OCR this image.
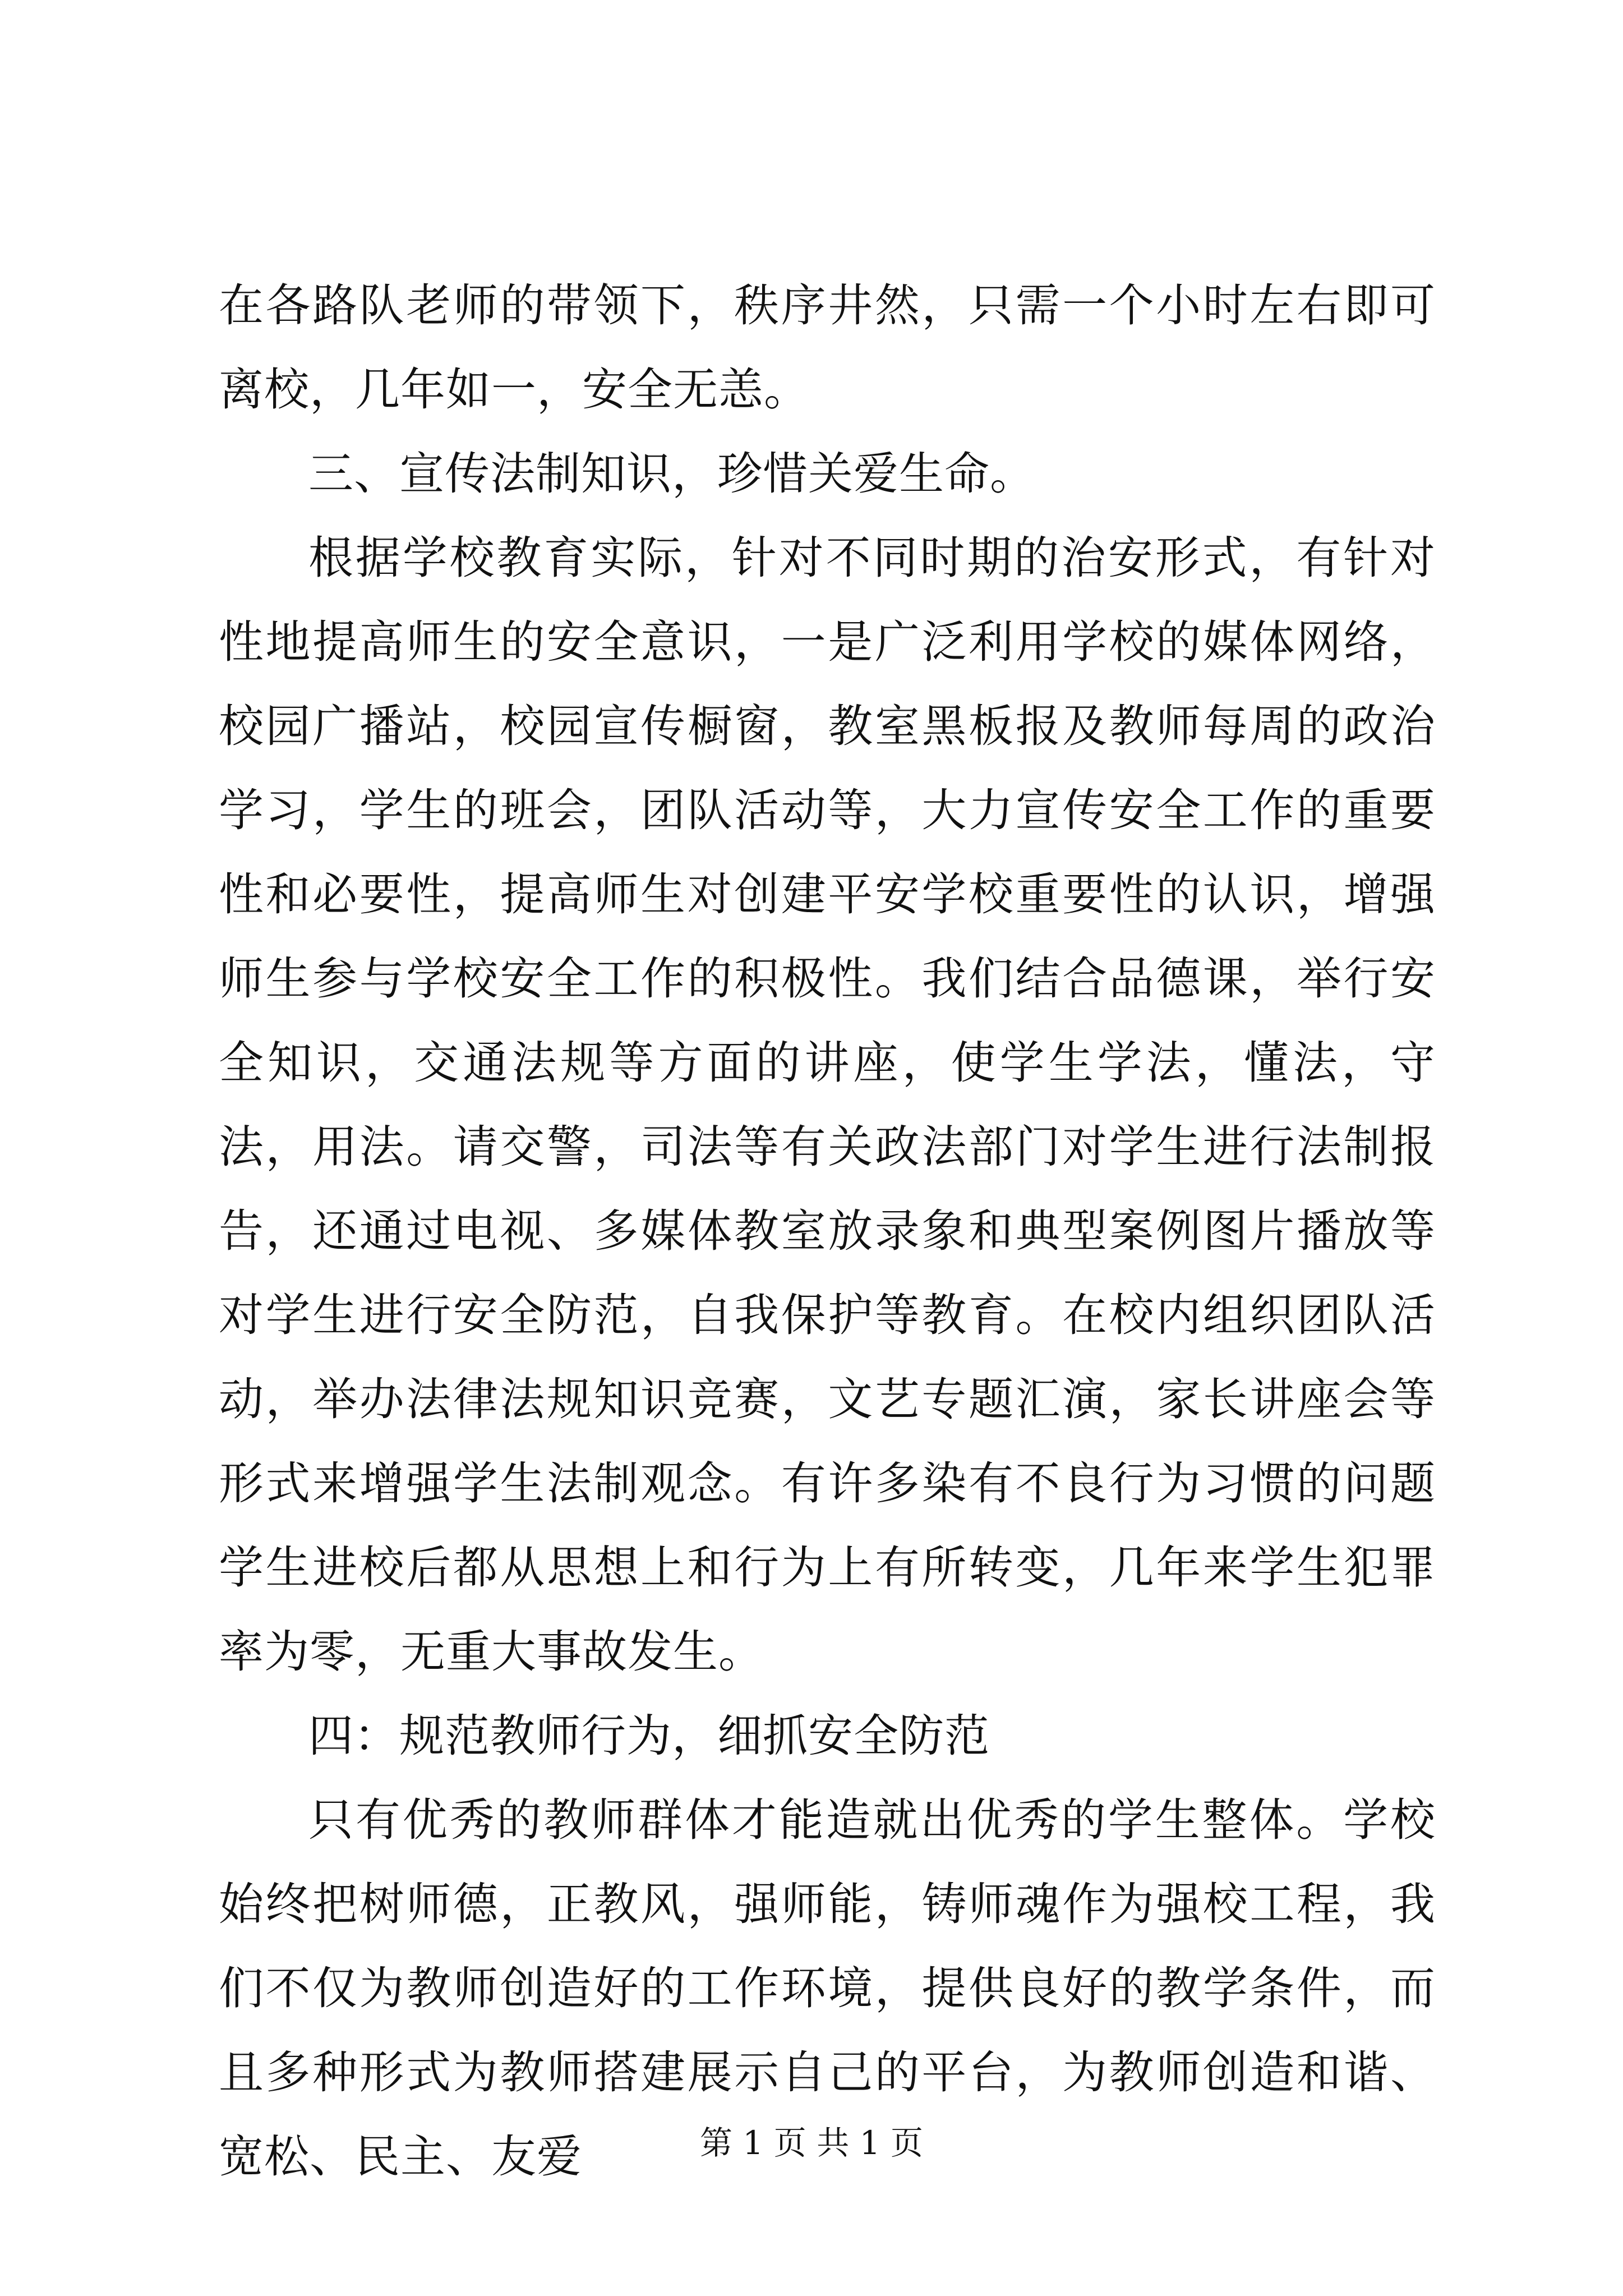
在各路队老师的带领下，秩序井然，只需一个小时左右即可离校，几年如一，安全无恙。

三、宣传法制知识，珍惜关爱生命。

根据学校教育实际，针对不同时期的治安形式，有针对性地提高师生的安全意识，一是广泛利用学校的媒体网络，校园广播站，校园宣传橱窗，教室黑板报及教师每周的政治学习，学生的班会，团队活动等，大力宣传安全工作的重要性和必要性，提高师生对创建平安学校重要性的认识，增强师生参与学校安全工作的积极性。我们结合品德课，举行安全知识，交通法规等方面的讲座，使学生学法，懂法，守法，用法。请交警，司法等有关政法部门对学生进行法制报告，还通过电视、多媒体教室放录象和典型案例图片播放等对学生进行安全防范，自我保护等教育。在校内组织团队活动，举办法律法规知识竞赛，文艺专题汇演，家长讲座会等形式来增强学生法制观念。有许多染有不良行为习惯的问题学生进校后都从思想上和行为上有所转变，几年来学生犯罪率为零，无重大事故发生。

四：规范教师行为，细抓安全防范

只有优秀的教师群体才能造就出优秀的学生整体。学校始终把树师德，正教风，强师能，铸师魂作为强校工程，我们不仅为教师创造好的工作环境，提供良好的教学条件，而且多种形式为教师搭建展示自己的平台，为教师创造和谐、宽松、民主、友爱	第 1 页 共 1 页
